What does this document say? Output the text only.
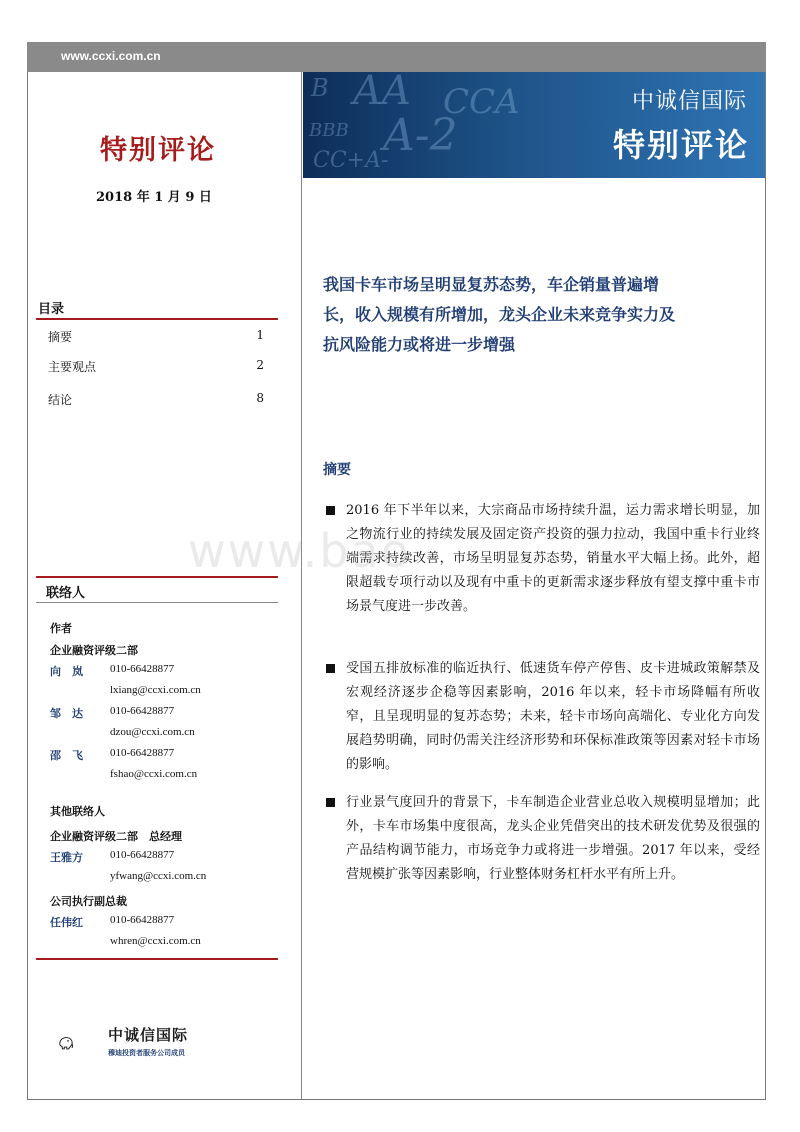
www.ccxi.com.cn
特别评论
2018 年 1 月 9 日
B AA CCA
BBB A-2
CC+A-
中诚信国际
特别评论
我国卡车市场呈明显复苏态势，车企销量普遍增
长，收入规模有所增加，龙头企业未来竞争实力及
抗风险能力或将进一步增强
目录
摘要	1
主要观点	2
结论	8
联络人
作者
企业融资评级二部
向　岚 010-66428877
lxiang@ccxi.com.cn
邹　达 010-66428877
dzou@ccxi.com.cn
邵　飞 010-66428877
fshao@ccxi.com.cn
其他联络人
企业融资评级二部　总经理
王雅方 010-66428877
yfwang@ccxi.com.cn
公司执行副总裁
任伟红 010-66428877
whren@ccxi.com.cn
摘要
2016 年下半年以来，大宗商品市场持续升温，运力需求增长明显，加之物流行业的持续发展及固定资产投资的强力拉动，我国中重卡行业终端需求持续改善，市场呈明显复苏态势，销量水平大幅上扬。此外，超限超载专项行动以及现有中重卡的更新需求逐步释放有望支撑中重卡市场景气度进一步改善。
受国五排放标准的临近执行、低速货车停产停售、皮卡进城政策解禁及宏观经济逐步企稳等因素影响，2016 年以来，轻卡市场降幅有所收窄，且呈现明显的复苏态势；未来，轻卡市场向高端化、专业化方向发展趋势明确，同时仍需关注经济形势和环保标准政策等因素对轻卡市场的影响。
行业景气度回升的背景下，卡车制造企业营业总收入规模明显增加；此外，卡车市场集中度很高，龙头企业凭借突出的技术研发优势及很强的产品结构调节能力，市场竞争力或将进一步增强。2017 年以来，受经营规模扩张等因素影响，行业整体财务杠杆水平有所上升。
www.bao
中诚信国际
穆迪投资者服务公司成员
